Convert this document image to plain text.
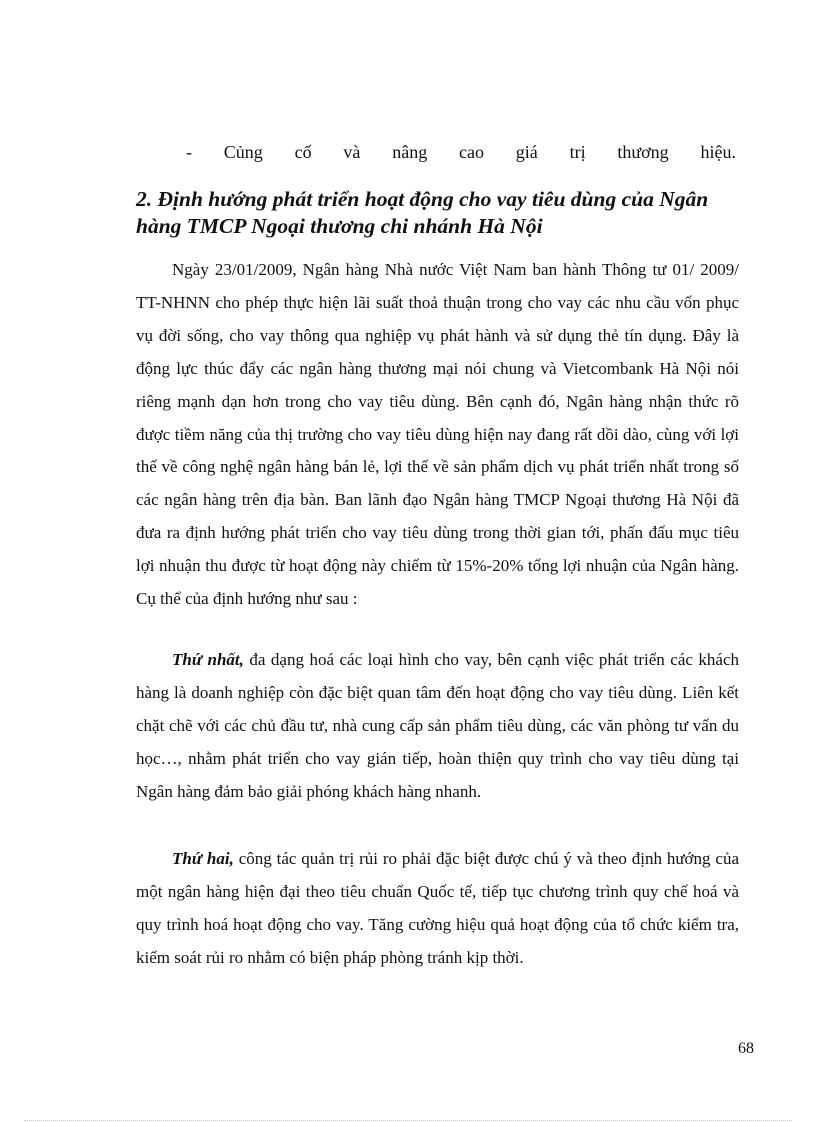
- Củng cố và nâng cao giá trị thương hiệu.
2. Định hướng phát triển hoạt động cho vay tiêu dùng của Ngân hàng TMCP Ngoại thương chi nhánh Hà Nội

Ngày 23/01/2009, Ngân hàng Nhà nước Việt Nam ban hành Thông tư 01/ 2009/ TT-NHNN cho phép thực hiện lãi suất thoả thuận trong cho vay các nhu cầu vốn phục vụ đời sống, cho vay thông qua nghiệp vụ phát hành và sử dụng thẻ tín dụng. Đây là động lực thúc đẩy các ngân hàng thương mại nói chung và Vietcombank Hà Nội nói riêng mạnh dạn hơn trong cho vay tiêu dùng. Bên cạnh đó, Ngân hàng nhận thức rõ được tiềm năng của thị trường cho vay tiêu dùng hiện nay đang rất dồi dào, cùng với lợi thế về công nghệ ngân hàng bán lẻ, lợi thế về sản phẩm dịch vụ phát triển nhất trong số các ngân hàng trên địa bàn. Ban lãnh đạo Ngân hàng TMCP Ngoại thương Hà Nội đã đưa ra định hướng phát triển cho vay tiêu dùng trong thời gian tới, phấn đấu mục tiêu lợi nhuận thu được từ hoạt động này chiếm từ 15%-20% tổng lợi nhuận của Ngân hàng. Cụ thể của định hướng như sau :

Thứ nhất, đa dạng hoá các loại hình cho vay, bên cạnh việc phát triển các khách hàng là doanh nghiệp còn đặc biệt quan tâm đến hoạt động cho vay tiêu dùng. Liên kết chặt chẽ với các chủ đầu tư, nhà cung cấp sản phẩm tiêu dùng, các văn phòng tư vấn du học…, nhằm phát triển cho vay gián tiếp, hoàn thiện quy trình cho vay tiêu dùng tại Ngân hàng đảm bảo giải phóng khách hàng nhanh.

Thứ hai, công tác quản trị rủi ro phải đặc biệt được chú ý và theo định hướng của một ngân hàng hiện đại theo tiêu chuẩn Quốc tế, tiếp tục chương trình quy chế hoá và quy trình hoá hoạt động cho vay. Tăng cường hiệu quả hoạt động của tổ chức kiểm tra, kiểm soát rủi ro nhằm có biện pháp phòng tránh kịp thời.

68
